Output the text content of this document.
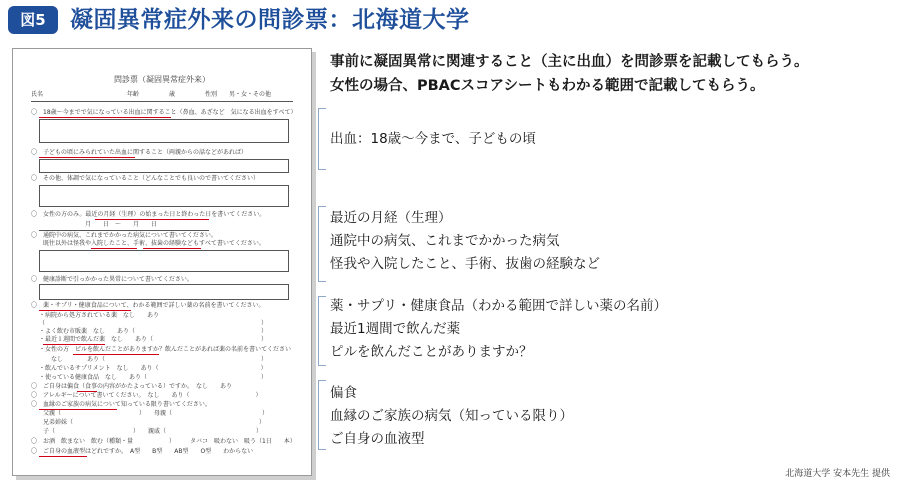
図5	凝固異常症外来の問診票：北海道大学
問診票（凝固異常症外来）
氏名　　　　　　　　　　　　　　年齢　　　　　歳　　　　　性別　　男・女・その他
〇　18歳〜今までで気になっている出血に関すること（鼻血、あざなど　気になる出血をすべて）
〇　子どもの頃にみられていた出血に関すること（両親からの話などがあれば）
〇　その他、体調で気になっていること（どんなことでも良いので書いてください）
〇　女性の方のみ。最近の月経（生理）の始まった日と終わった日を書いてください。
月　　日　〜　　月　　日
〇　通院中の病気、これまでかかった病気について書いてください。
　　既往以外は怪我や入院したこと、手術、抜歯の経験などもすべて書いてください。
〇　健康診断で引っかかった異常について書いてください。
〇　薬・サプリ・健康食品について、わかる範囲で詳しい薬の名前を書いてください。
・病院から処方されている薬　なし　　あり
（　　　　　　　　　　　　　　　　　　　　　　　　　　　　　　　　　　　　）
・よく飲む市販薬　なし　　あり（　　　　　　　　　　　　　　　　　　　　　）
・最近１週間で飲んだ薬　なし　　あり（　　　　　　　　　　　　　　　　　　）
・女性の方　ピルを飲んだことがありますか？飲んだことがあれば薬の名前を書いてください
　　なし　　　　あり（　　　　　　　　　　　　　　　　　　　　　　　　　　）
・飲んでいるサプリメント　なし　　あり（　　　　　　　　　　　　　　　　　）
・使っている健康食品　なし　　あり（　　　　　　　　　　　　　　　　　　　）
〇　ご自身は偏食（食事の内容がかたよっている）ですか。　なし　　あり
〇　アレルギーについて書いてください。　なし　　あり（　　　　　　　　　　　）
〇　血縁のご家族の病気について知っている限り書いてください。
　　父親（　　　　　　　　　　　　　）　　母親（　　　　　　　　　　　　　　　）
　　兄弟姉妹（　　　　　　　　　　　　　　　　　　　　　　　　　　　　　　　）
　　子（　　　　　　　　　　　　　）　　親戚（　　　　　　　　　　　　　　　）
〇　お酒　飲まない　飲む（種類・量　　　　　　）　　　タバコ　吸わない　吸う（1日　　本）
〇　ご自身の血液型はどれですか。　A型　　B型　　AB型　　O型　　わからない
事前に凝固異常に関連すること（主に出血）を問診票を記載してもらう。
女性の場合、PBACスコアシートもわかる範囲で記載してもらう。
出血：18歳〜今まで、子どもの頃
最近の月経（生理）
通院中の病気、これまでかかった病気
怪我や入院したこと、手術、抜歯の経験など
薬・サプリ・健康食品（わかる範囲で詳しい薬の名前）
最近1週間で飲んだ薬
ピルを飲んだことがありますか？
偏食
血縁のご家族の病気（知っている限り）
ご自身の血液型
北海道大学 安本先生 提供
